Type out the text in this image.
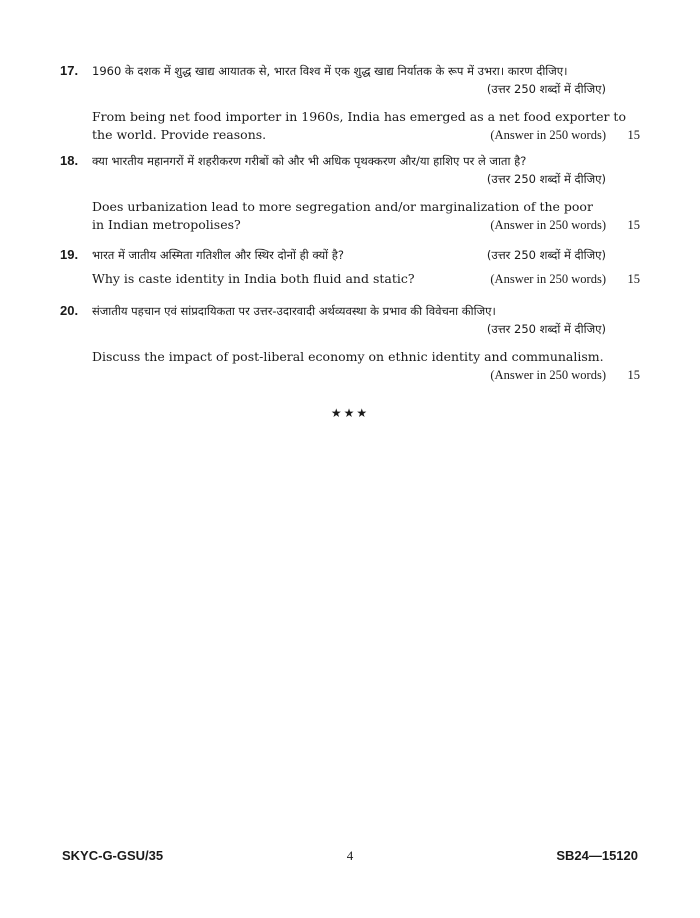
17.	1960 के दशक में शुद्ध खाद्य आयातक से, भारत विश्व में एक शुद्ध खाद्य निर्यातक के रूप में उभरा। कारण दीजिए।
(उत्तर 250 शब्दों में दीजिए)
From being net food importer in 1960s, India has emerged as a net food exporter to
the world. Provide reasons.	(Answer in 250 words)	15
18.	क्या भारतीय महानगरों में शहरीकरण गरीबों को और भी अधिक पृथक्करण और/या हाशिए पर ले जाता है?
(उत्तर 250 शब्दों में दीजिए)
Does urbanization lead to more segregation and/or marginalization of the poor
in Indian metropolises?	(Answer in 250 words)	15
19. भारत में जातीय अस्मिता गतिशील और स्थिर दोनों ही क्यों है?	(उत्तर 250 शब्दों में दीजिए)
Why is caste identity in India both fluid and static?	(Answer in 250 words)	15
20.	संजातीय पहचान एवं सांप्रदायिकता पर उत्तर-उदारवादी अर्थव्यवस्था के प्रभाव की विवेचना कीजिए।
(उत्तर 250 शब्दों में दीजिए)
Discuss the impact of post-liberal economy on ethnic identity and communalism.
(Answer in 250 words)	15
★★★
SKYC-G-GSU/35	4	SB24—15120
